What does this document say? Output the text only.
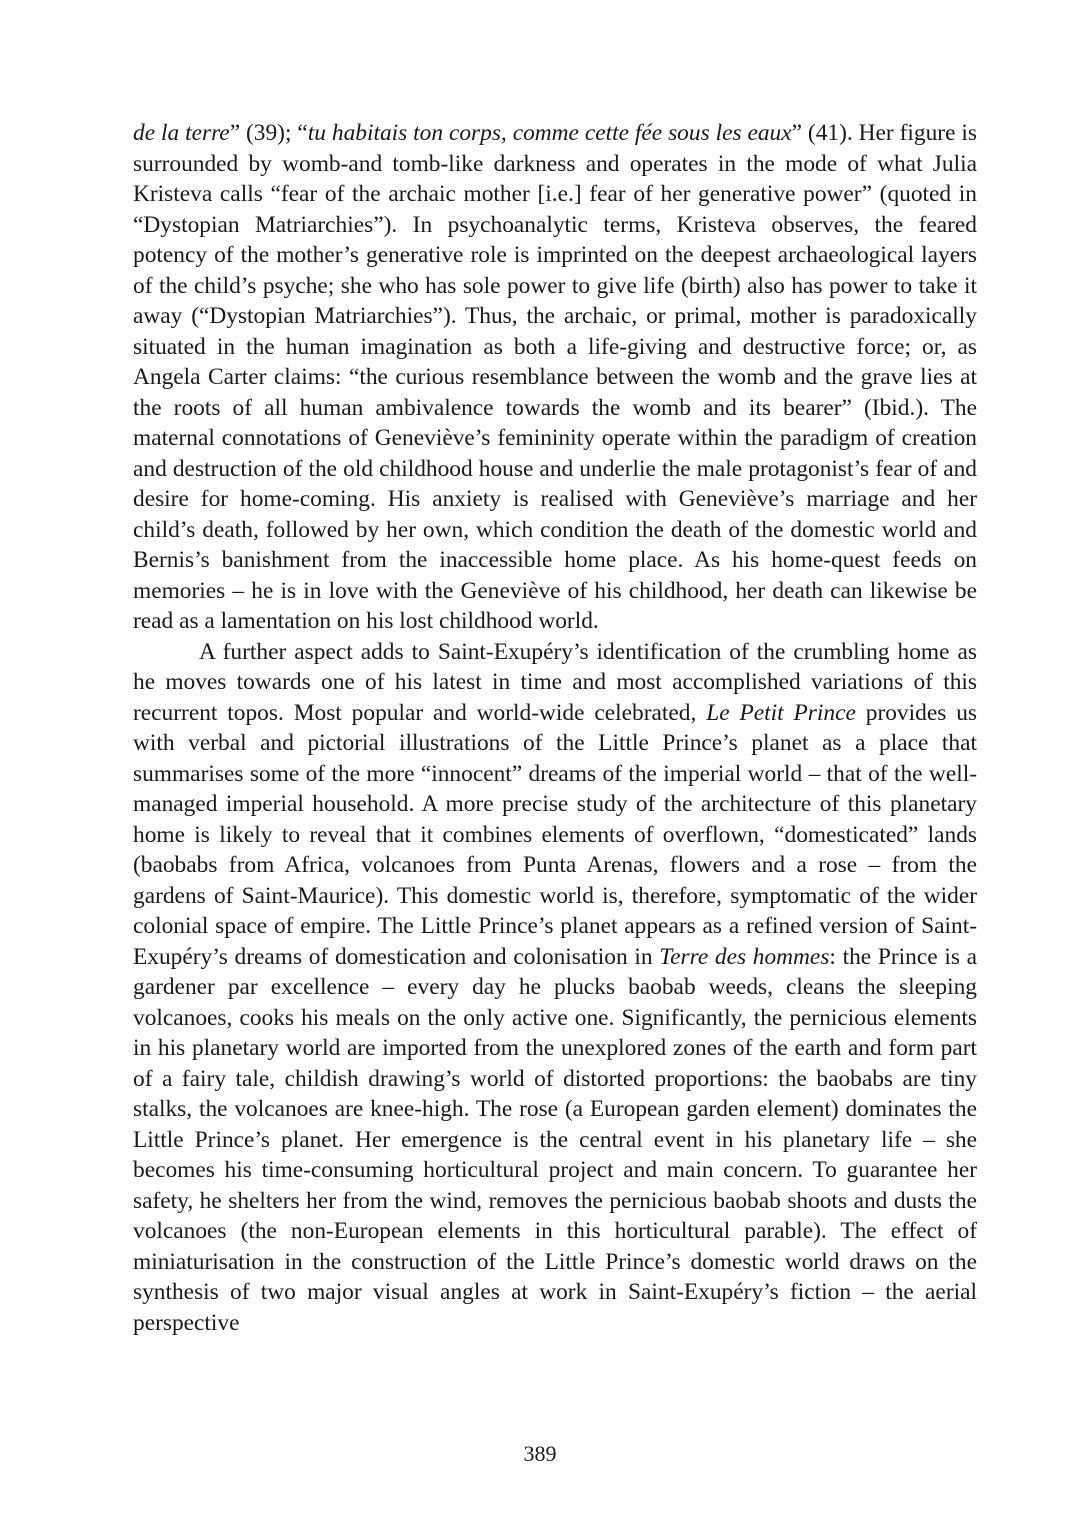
de la terre” (39); “tu habitais ton corps, comme cette fée sous les eaux” (41). Her figure is surrounded by womb-and tomb-like darkness and operates in the mode of what Julia Kristeva calls “fear of the archaic mother [i.e.] fear of her generative power” (quoted in “Dystopian Matriarchies”). In psychoanalytic terms, Kristeva observes, the feared potency of the mother’s generative role is imprinted on the deepest archaeological layers of the child’s psyche; she who has sole power to give life (birth) also has power to take it away (“Dystopian Matriarchies”). Thus, the archaic, or primal, mother is paradoxically situated in the human imagination as both a life-giving and destructive force; or, as Angela Carter claims: “the curious resemblance between the womb and the grave lies at the roots of all human ambivalence towards the womb and its bearer” (Ibid.). The maternal connotations of Geneviève’s femininity operate within the paradigm of creation and destruction of the old childhood house and underlie the male protagonist’s fear of and desire for home-coming. His anxiety is realised with Geneviève’s marriage and her child’s death, followed by her own, which condition the death of the domestic world and Bernis’s banishment from the inaccessible home place. As his home-quest feeds on memories – he is in love with the Geneviève of his childhood, her death can likewise be read as a lamentation on his lost childhood world.

A further aspect adds to Saint-Exupéry’s identification of the crumbling home as he moves towards one of his latest in time and most accomplished variations of this recurrent topos. Most popular and world-wide celebrated, Le Petit Prince provides us with verbal and pictorial illustrations of the Little Prince’s planet as a place that summarises some of the more “innocent” dreams of the imperial world – that of the well-managed imperial household. A more precise study of the architecture of this planetary home is likely to reveal that it combines elements of overflown, “domesticated” lands (baobabs from Africa, volcanoes from Punta Arenas, flowers and a rose – from the gardens of Saint-Maurice). This domestic world is, therefore, symptomatic of the wider colonial space of empire. The Little Prince’s planet appears as a refined version of Saint-Exupéry’s dreams of domestication and colonisation in Terre des hommes: the Prince is a gardener par excellence – every day he plucks baobab weeds, cleans the sleeping volcanoes, cooks his meals on the only active one. Significantly, the pernicious elements in his planetary world are imported from the unexplored zones of the earth and form part of a fairy tale, childish drawing’s world of distorted proportions: the baobabs are tiny stalks, the volcanoes are knee-high. The rose (a European garden element) dominates the Little Prince’s planet. Her emergence is the central event in his planetary life – she becomes his time-consuming horticultural project and main concern. To guarantee her safety, he shelters her from the wind, removes the pernicious baobab shoots and dusts the volcanoes (the non-European elements in this horticultural parable). The effect of miniaturisation in the construction of the Little Prince’s domestic world draws on the synthesis of two major visual angles at work in Saint-Exupéry’s fiction – the aerial perspective

389
